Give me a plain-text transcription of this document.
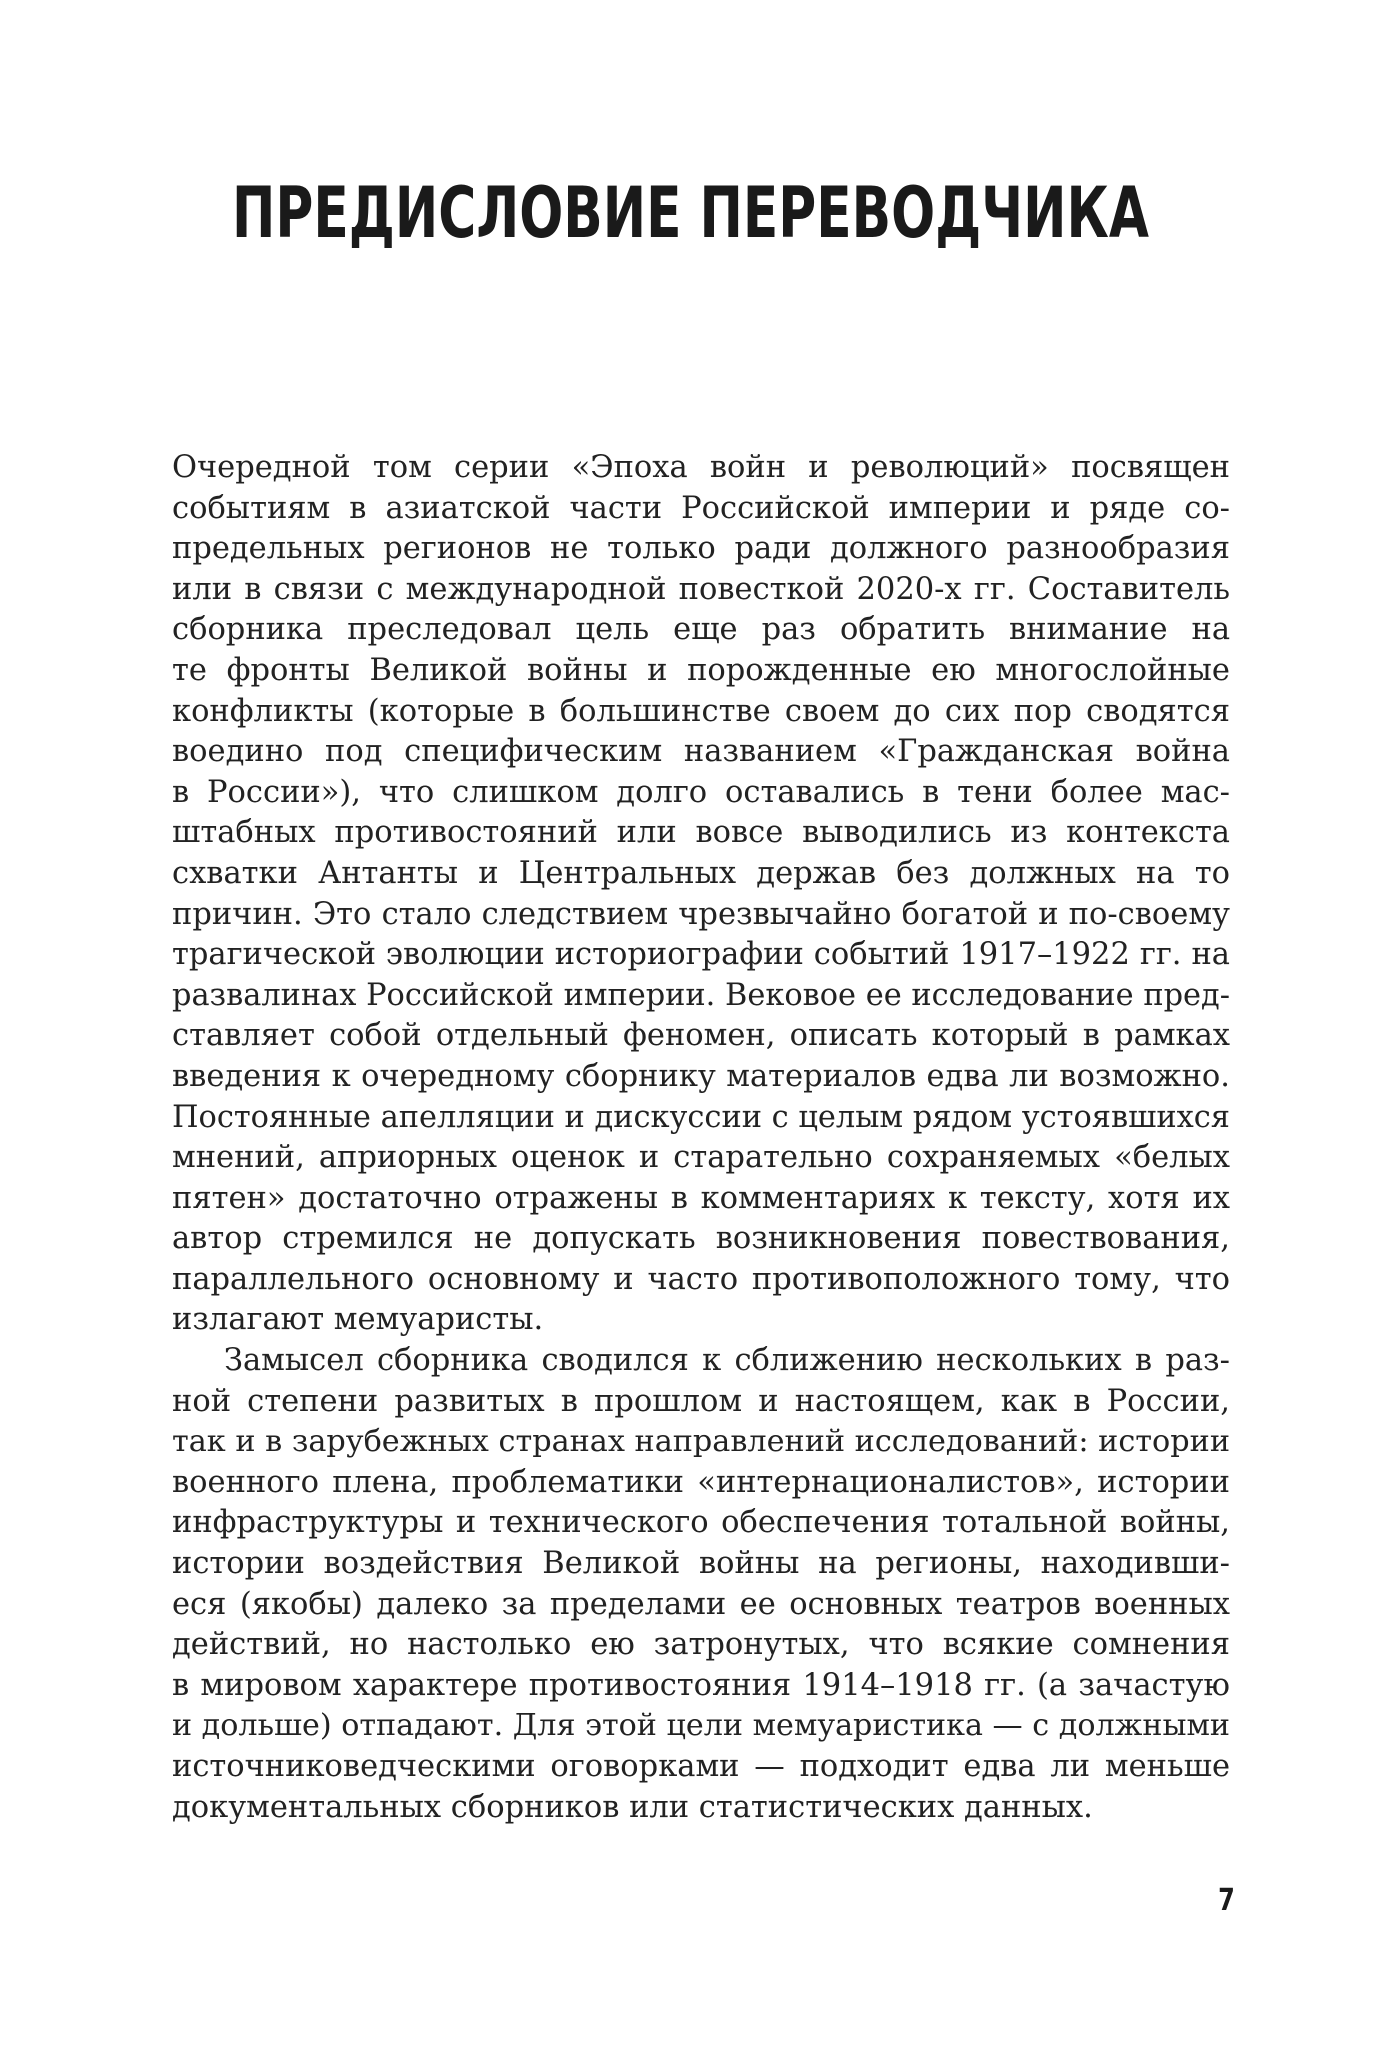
ПРЕДИСЛОВИЕ ПЕРЕВОДЧИКА
Очередной том серии «Эпоха войн и революций» посвящен
событиям в азиатской части Российской империи и ряде со-
предельных регионов не только ради должного разнообразия
или в связи с международной повесткой 2020-х гг. Составитель
сборника преследовал цель еще раз обратить внимание на
те фронты Великой войны и порожденные ею многослойные
конфликты (которые в большинстве своем до сих пор сводятся
воедино под специфическим названием «Гражданская война
в России»), что слишком долго оставались в тени более мас-
штабных противостояний или вовсе выводились из контекста
схватки Антанты и Центральных держав без должных на то
причин. Это стало следствием чрезвычайно богатой и по-своему
трагической эволюции историографии событий 1917–1922 гг. на
развалинах Российской империи. Вековое ее исследование пред-
ставляет собой отдельный феномен, описать который в рамках
введения к очередному сборнику материалов едва ли возможно.
Постоянные апелляции и дискуссии с целым рядом устоявшихся
мнений, априорных оценок и старательно сохраняемых «белых
пятен» достаточно отражены в комментариях к тексту, хотя их
автор стремился не допускать возникновения повествования,
параллельного основному и часто противоположного тому, что
излагают мемуаристы.
Замысел сборника сводился к сближению нескольких в раз-
ной степени развитых в прошлом и настоящем, как в России,
так и в зарубежных странах направлений исследований: истории
военного плена, проблематики «интернационалистов», истории
инфраструктуры и технического обеспечения тотальной войны,
истории воздействия Великой войны на регионы, находивши-
еся (якобы) далеко за пределами ее основных театров военных
действий, но настолько ею затронутых, что всякие сомнения
в мировом характере противостояния 1914–1918 гг. (а зачастую
и дольше) отпадают. Для этой цели мемуаристика — с должными
источниковедческими оговорками — подходит едва ли меньше
документальных сборников или статистических данных.
7
